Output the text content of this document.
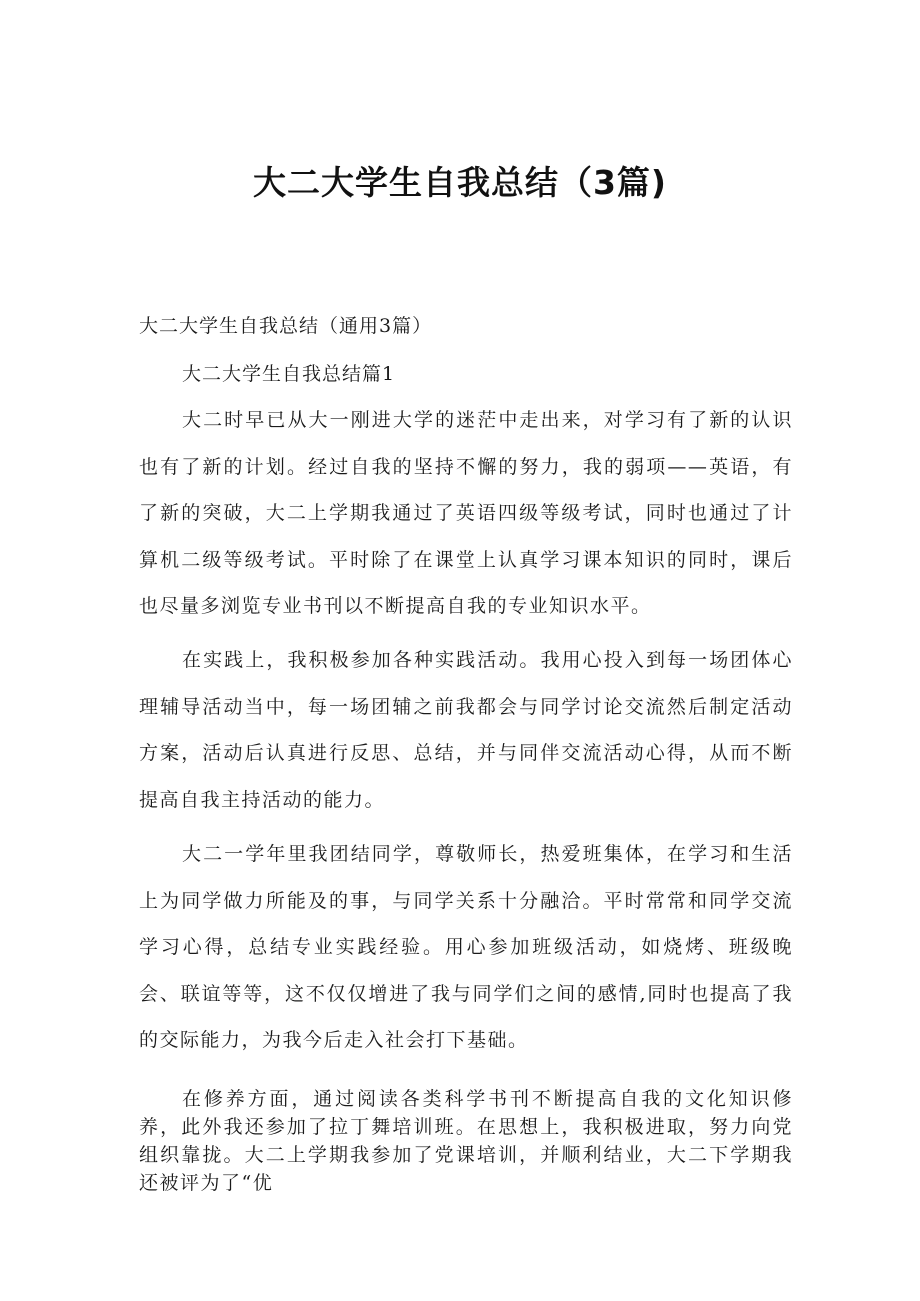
大二大学生自我总结（3篇)

大二大学生自我总结（通用3篇）

大二大学生自我总结篇1

大二时早已从大一刚进大学的迷茫中走出来，对学习有了新的认识也有了新的计划。经过自我的坚持不懈的努力，我的弱项——英语，有了新的突破，大二上学期我通过了英语四级等级考试，同时也通过了计算机二级等级考试。平时除了在课堂上认真学习课本知识的同时，课后也尽量多浏览专业书刊以不断提高自我的专业知识水平。

在实践上，我积极参加各种实践活动。我用心投入到每一场团体心理辅导活动当中，每一场团辅之前我都会与同学讨论交流然后制定活动方案，活动后认真进行反思、总结，并与同伴交流活动心得，从而不断提高自我主持活动的能力。

大二一学年里我团结同学，尊敬师长，热爱班集体，在学习和生活上为同学做力所能及的事，与同学关系十分融洽。平时常常和同学交流学习心得，总结专业实践经验。用心参加班级活动，如烧烤、班级晚会、联谊等等，这不仅仅增进了我与同学们之间的感情,同时也提高了我的交际能力，为我今后走入社会打下基础。

在修养方面，通过阅读各类科学书刊不断提高自我的文化知识修养，此外我还参加了拉丁舞培训班。在思想上，我积极进取，努力向党组织靠拢。大二上学期我参加了党课培训，并顺利结业，大二下学期我还被评为了“优
